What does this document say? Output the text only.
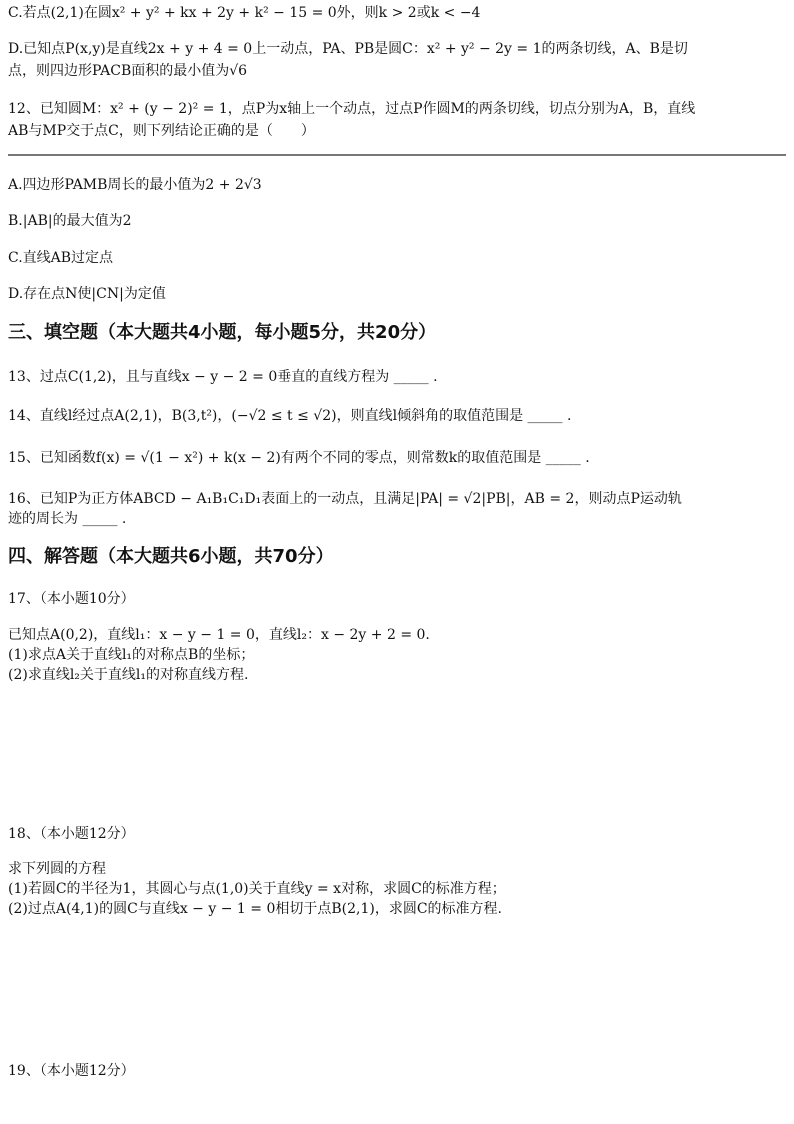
C.若点(2,1)在圆x² + y² + kx + 2y + k² − 15 = 0外，则k > 2或k < −4
D.已知点P(x,y)是直线2x + y + 4 = 0上一动点，PA、PB是圆C：x² + y² − 2y = 1的两条切线，A、B是切
点，则四边形PACB面积的最小值为√6
12、已知圆M：x² + (y − 2)² = 1，点P为x轴上一个动点，过点P作圆M的两条切线，切点分别为A，B，直线
AB与MP交于点C，则下列结论正确的是（　　）
A.四边形PAMB周长的最小值为2 + 2√3
B.|AB|的最大值为2
C.直线AB过定点
D.存在点N使|CN|为定值
三、填空题（本大题共4小题，每小题5分，共20分）
13、过点C(1,2)，且与直线x − y − 2 = 0垂直的直线方程为 _____ .
14、直线l经过点A(2,1)，B(3,t²)，(−√2 ≤ t ≤ √2)，则直线l倾斜角的取值范围是 _____ .
15、已知函数f(x) = √(1 − x²) + k(x − 2)有两个不同的零点，则常数k的取值范围是 _____ .
16、已知P为正方体ABCD − A₁B₁C₁D₁表面上的一动点，且满足|PA| = √2|PB|，AB = 2，则动点P运动轨
迹的周长为 _____ .
四、解答题（本大题共6小题，共70分）
17、（本小题10分）
已知点A(0,2)，直线l₁：x − y − 1 = 0，直线l₂：x − 2y + 2 = 0.
(1)求点A关于直线l₁的对称点B的坐标；
(2)求直线l₂关于直线l₁的对称直线方程.
18、（本小题12分）
求下列圆的方程
(1)若圆C的半径为1，其圆心与点(1,0)关于直线y = x对称，求圆C的标准方程；
(2)过点A(4,1)的圆C与直线x − y − 1 = 0相切于点B(2,1)，求圆C的标准方程.
19、（本小题12分）
